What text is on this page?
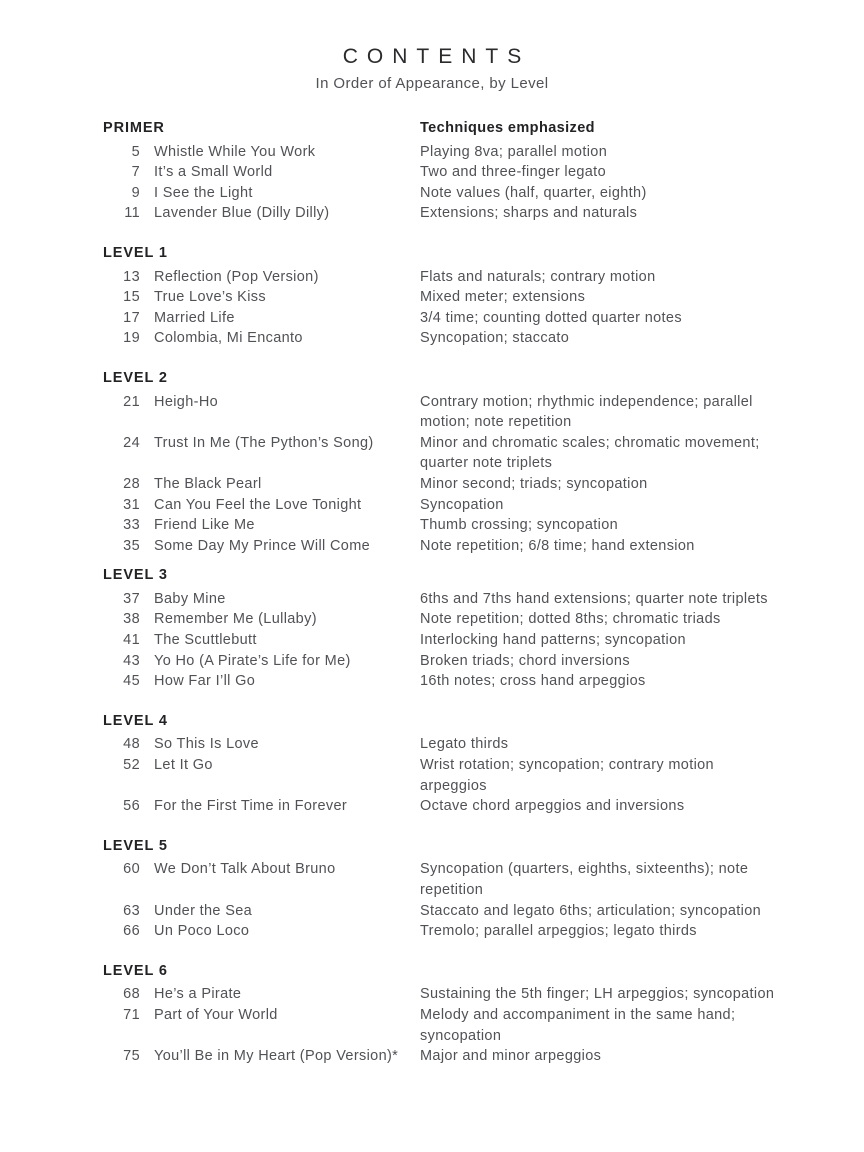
CONTENTS
In Order of Appearance, by Level
PRIMER	Techniques emphasized
5 Whistle While You Work	Playing 8va; parallel motion
7 It’s a Small World	Two and three-finger legato
9 I See the Light	Note values (half, quarter, eighth)
11 Lavender Blue (Dilly Dilly)	Extensions; sharps and naturals
LEVEL 1
13 Reflection (Pop Version)	Flats and naturals; contrary motion
15 True Love’s Kiss	Mixed meter; extensions
17 Married Life	3/4 time; counting dotted quarter notes
19 Colombia, Mi Encanto	Syncopation; staccato
LEVEL 2
21 Heigh-Ho	Contrary motion; rhythmic independence; parallel
motion; note repetition
24 Trust In Me (The Python’s Song)	Minor and chromatic scales; chromatic movement;
quarter note triplets
28 The Black Pearl	Minor second; triads; syncopation
31 Can You Feel the Love Tonight	Syncopation
33 Friend Like Me	Thumb crossing; syncopation
35 Some Day My Prince Will Come	Note repetition; 6/8 time; hand extension
LEVEL 3
37 Baby Mine	6ths and 7ths hand extensions; quarter note triplets
38 Remember Me (Lullaby)	Note repetition; dotted 8ths; chromatic triads
41 The Scuttlebutt	Interlocking hand patterns; syncopation
43 Yo Ho (A Pirate’s Life for Me)	Broken triads; chord inversions
45 How Far I’ll Go	16th notes; cross hand arpeggios
LEVEL 4
48 So This Is Love	Legato thirds
52 Let It Go	Wrist rotation; syncopation; contrary motion
arpeggios
56 For the First Time in Forever	Octave chord arpeggios and inversions
LEVEL 5
60 We Don’t Talk About Bruno	Syncopation (quarters, eighths, sixteenths); note
repetition
63 Under the Sea	Staccato and legato 6ths; articulation; syncopation
66 Un Poco Loco	Tremolo; parallel arpeggios; legato thirds
LEVEL 6
68 He’s a Pirate	Sustaining the 5th finger; LH arpeggios; syncopation
71 Part of Your World	Melody and accompaniment in the same hand;
syncopation
75 You’ll Be in My Heart (Pop Version)*	Major and minor arpeggios
